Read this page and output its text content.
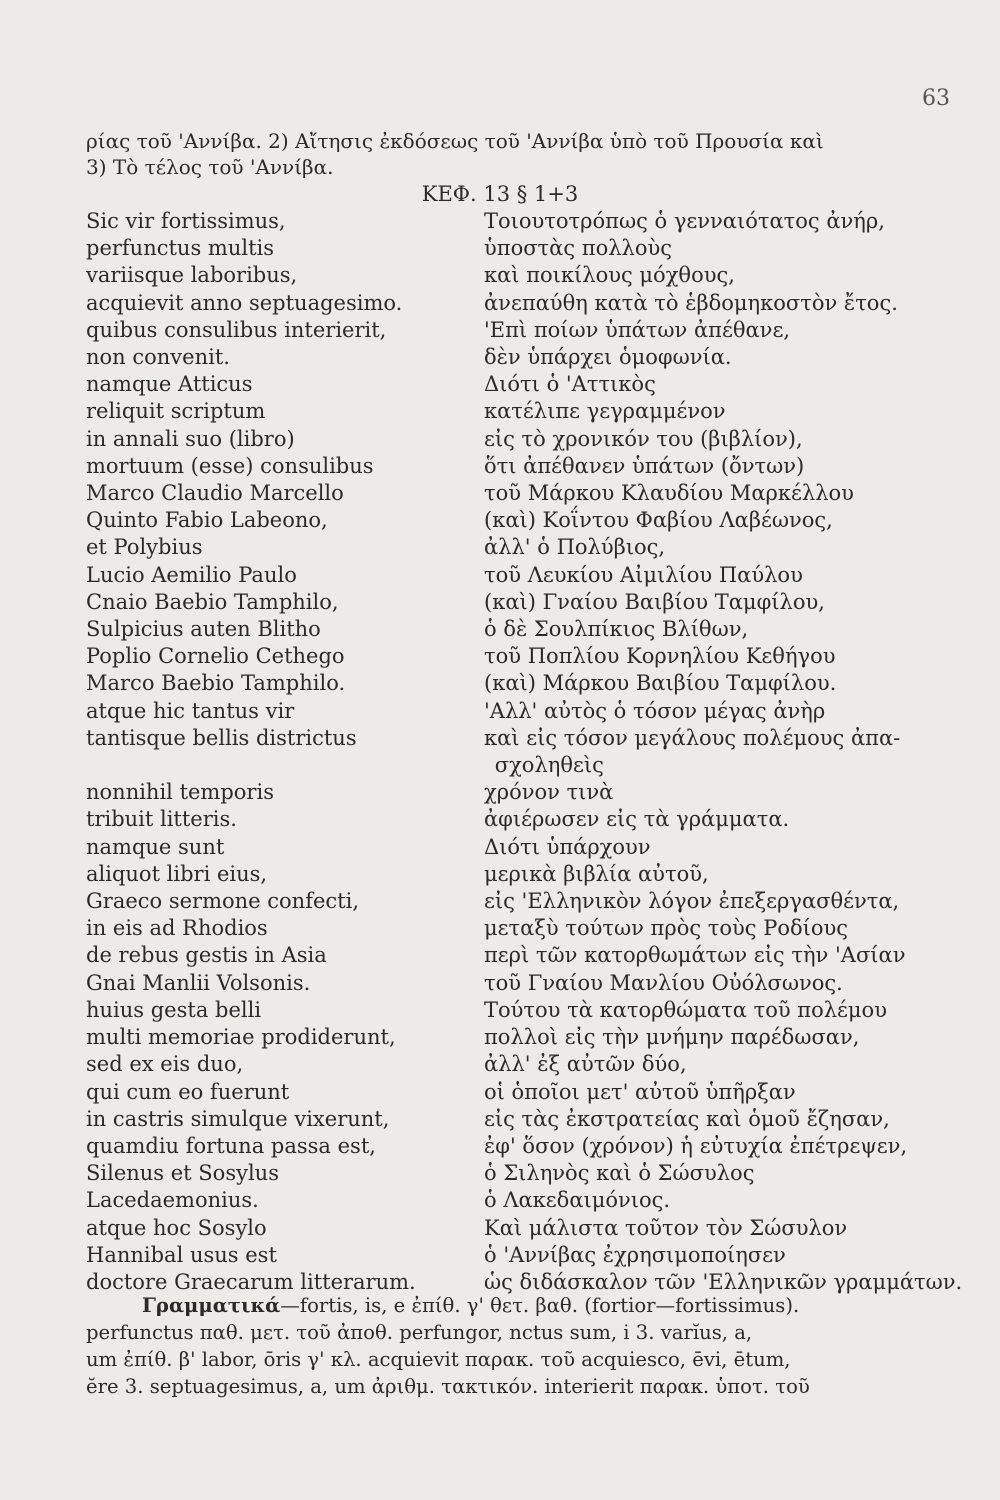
63
ρίας τοῦ 'Αννίβα. 2) Αἴτησις ἐκδόσεως τοῦ 'Αννίβα ὑπὸ τοῦ Προυσία καὶ
3) Τὸ τέλος τοῦ 'Αννίβα.
ΚΕΦ. 13 § 1+3
Sic vir fortissimus,	Τοιουτοτρόπως ὁ γενναιότατος ἀνήρ,
perfunctus multis	ὑποστὰς πολλοὺς
variisque laboribus,	καὶ ποικίλους μόχθους,
acquievit anno septuagesimo.	ἀνεπαύθη κατὰ τὸ ἑβδομηκοστὸν ἔτος.
quibus consulibus interierit,	'Επὶ ποίων ὑπάτων ἀπέθανε,
non convenit.	δὲν ὑπάρχει ὁμοφωνία.
namque Atticus	Διότι ὁ 'Αττικὸς
reliquit scriptum	κατέλιπε γεγραμμένον
in annali suo (libro)	εἰς τὸ χρονικόν του (βιβλίον),
mortuum (esse) consulibus	ὅτι ἀπέθανεν ὑπάτων (ὄντων)
Marco Claudio Marcello	τοῦ Μάρκου Κλαυδίου Μαρκέλλου
Quinto Fabio Labeono,	(καὶ) Κοΐντου Φαβίου Λαβέωνος,
et Polybius	ἀλλ' ὁ Πολύβιος,
Lucio Aemilio Paulo	τοῦ Λευκίου Αἰμιλίου Παύλου
Cnaio Baebio Tamphilo,	(καὶ) Γναίου Βαιβίου Ταμφίλου,
Sulpicius auten Blitho	ὁ δὲ Σουλπίκιος Βλίθων,
Poplio Cornelio Cethego	τοῦ Ποπλίου Κορνηλίου Κεθήγου
Marco Baebio Tamphilo.	(καὶ) Μάρκου Βαιβίου Ταμφίλου.
atque hic tantus vir	'Αλλ' αὐτὸς ὁ τόσον μέγας ἀνὴρ
tantisque bellis districtus	καὶ εἰς τόσον μεγάλους πολέμους ἀπα-
σχοληθεὶς
nonnihil temporis	χρόνον τινὰ
tribuit litteris.	ἀφιέρωσεν εἰς τὰ γράμματα.
namque sunt	Διότι ὑπάρχουν
aliquot libri eius,	μερικὰ βιβλία αὐτοῦ,
Graeco sermone confecti,	εἰς 'Ελληνικὸν λόγον ἐπεξεργασθέντα,
in eis ad Rhodios	μεταξὺ τούτων πρὸς τοὺς Ροδίους
de rebus gestis in Asia	περὶ τῶν κατορθωμάτων εἰς τὴν 'Ασίαν
Gnai Manlii Volsonis.	τοῦ Γναίου Μανλίου Οὐόλσωνος.
huius gesta belli	Τούτου τὰ κατορθώματα τοῦ πολέμου
multi memoriae prodiderunt,	πολλοὶ εἰς τὴν μνήμην παρέδωσαν,
sed ex eis duo,	ἀλλ' ἐξ αὐτῶν δύο,
qui cum eo fuerunt	οἱ ὁποῖοι μετ' αὐτοῦ ὑπῆρξαν
in castris simulque vixerunt,	εἰς τὰς ἐκστρατείας καὶ ὁμοῦ ἔζησαν,
quamdiu fortuna passa est,	ἐφ' ὅσον (χρόνον) ἡ εὐτυχία ἐπέτρεψεν,
Silenus et Sosylus	ὁ Σιληνὸς καὶ ὁ Σώσυλος
Lacedaemonius.	ὁ Λακεδαιμόνιος.
atque hoc Sosylo	Καὶ μάλιστα τοῦτον τὸν Σώσυλον
Hannibal usus est	ὁ 'Αννίβας ἐχρησιμοποίησεν
doctore Graecarum litterarum.	ὡς διδάσκαλον τῶν 'Ελληνικῶν γραμμάτων.
Γραμματικά—fortis, is, e ἐπίθ. γ' θετ. βαθ. (fortior—fortissimus).
perfunctus παθ. μετ. τοῦ ἀποθ. perfungor, nctus sum, i 3. varĭus, a,
um ἐπίθ. β' labor, ōris γ' κλ. acquievit παρακ. τοῦ acquiesco, ēvi, ētum,
ĕre 3. septuagesimus, a, um ἀριθμ. τακτικόν. interierit παρακ. ὑποτ. τοῦ
